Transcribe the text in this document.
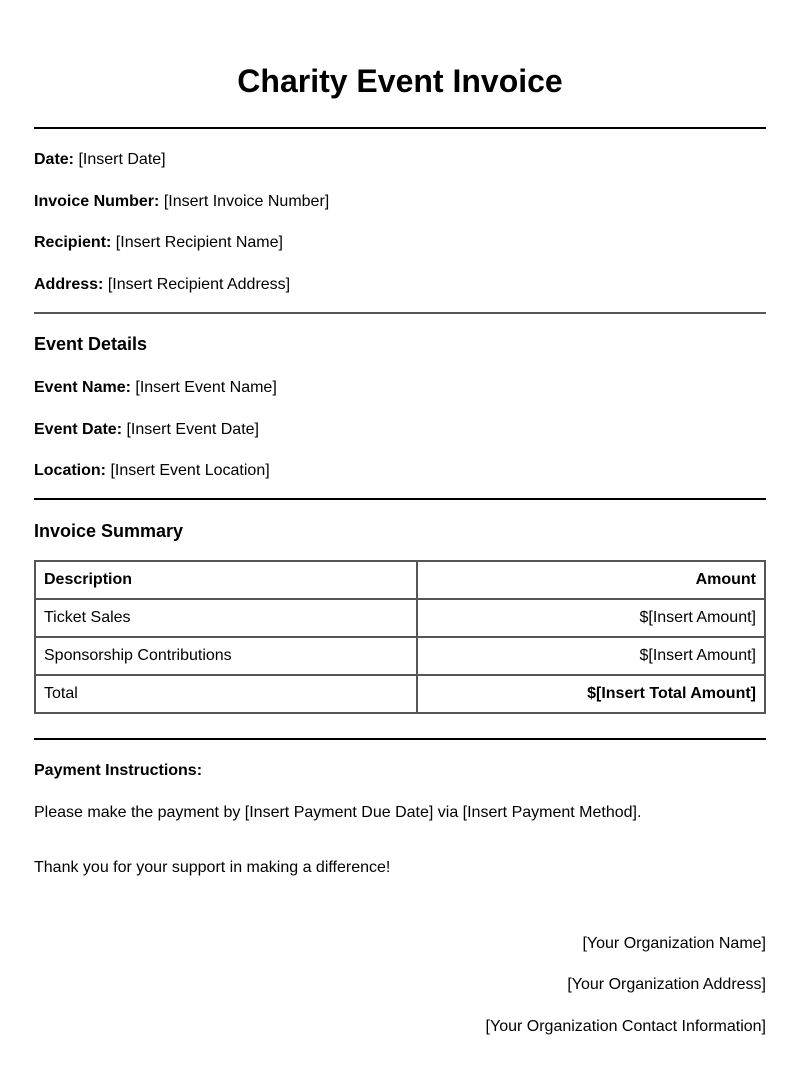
Charity Event Invoice
Date: [Insert Date]
Invoice Number: [Insert Invoice Number]
Recipient: [Insert Recipient Name]
Address: [Insert Recipient Address]
Event Details
Event Name: [Insert Event Name]
Event Date: [Insert Event Date]
Location: [Insert Event Location]
Invoice Summary
Description	Amount
Ticket Sales	$[Insert Amount]
Sponsorship Contributions	$[Insert Amount]
Total	$[Insert Total Amount]
Payment Instructions:
Please make the payment by [Insert Payment Due Date] via [Insert Payment Method].
Thank you for your support in making a difference!
[Your Organization Name]
[Your Organization Address]
[Your Organization Contact Information]
